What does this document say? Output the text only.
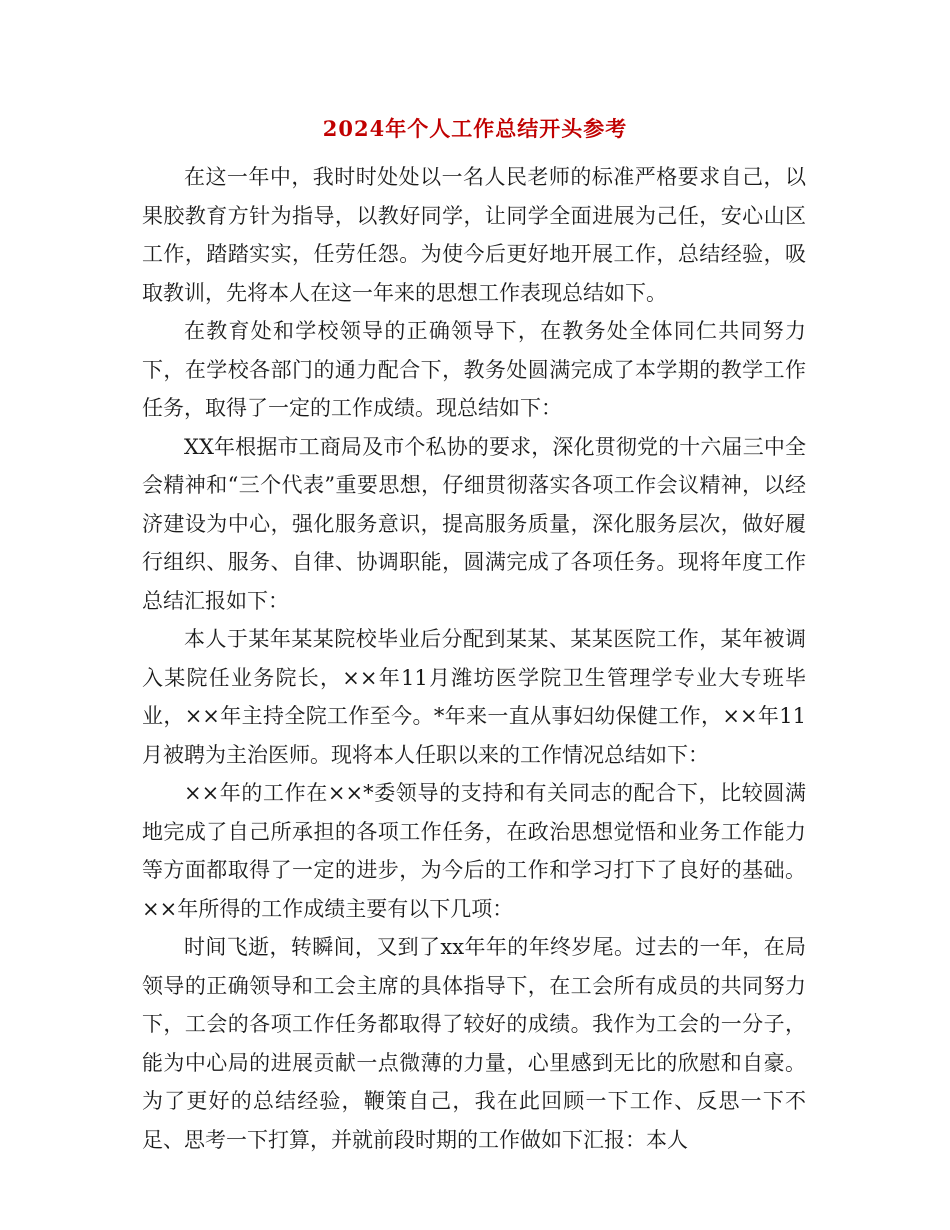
2024年个人工作总结开头参考

在这一年中，我时时处处以一名人民老师的标准严格要求自己，以果胶教育方针为指导，以教好同学，让同学全面进展为己任，安心山区工作，踏踏实实，任劳任怨。为使今后更好地开展工作，总结经验，吸取教训，先将本人在这一年来的思想工作表现总结如下。

在教育处和学校领导的正确领导下，在教务处全体同仁共同努力下，在学校各部门的通力配合下，教务处圆满完成了本学期的教学工作任务，取得了一定的工作成绩。现总结如下：

XX年根据市工商局及市个私协的要求，深化贯彻党的十六届三中全会精神和“三个代表”重要思想，仔细贯彻落实各项工作会议精神，以经济建设为中心，强化服务意识，提高服务质量，深化服务层次，做好履行组织、服务、自律、协调职能，圆满完成了各项任务。现将年度工作总结汇报如下：

本人于某年某某院校毕业后分配到某某、某某医院工作，某年被调入某院任业务院长，××年11月潍坊医学院卫生管理学专业大专班毕业，××年主持全院工作至今。*年来一直从事妇幼保健工作，××年11月被聘为主治医师。现将本人任职以来的工作情况总结如下：

××年的工作在××*委领导的支持和有关同志的配合下，比较圆满地完成了自己所承担的各项工作任务，在政治思想觉悟和业务工作能力等方面都取得了一定的进步，为今后的工作和学习打下了良好的基础。××年所得的工作成绩主要有以下几项：

时间飞逝，转瞬间，又到了xx年年的年终岁尾。过去的一年，在局领导的正确领导和工会主席的具体指导下，在工会所有成员的共同努力下，工会的各项工作任务都取得了较好的成绩。我作为工会的一分子，能为中心局的进展贡献一点微薄的力量，心里感到无比的欣慰和自豪。为了更好的总结经验，鞭策自己，我在此回顾一下工作、反思一下不足、思考一下打算，并就前段时期的工作做如下汇报：本人
